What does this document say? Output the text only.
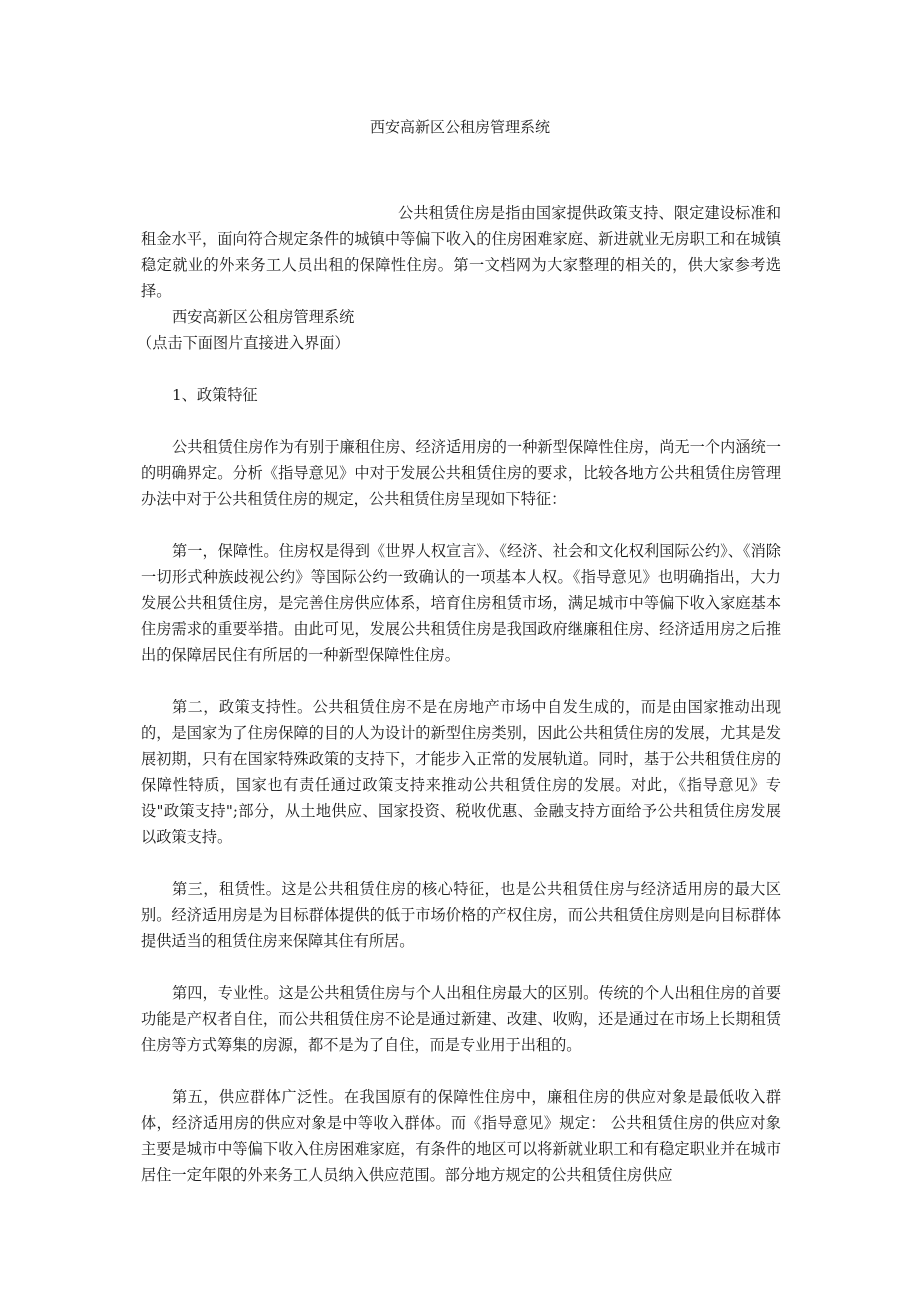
西安高新区公租房管理系统

公共租赁住房是指由国家提供政策支持、限定建设标准和租金水平，面向符合规定条件的城镇中等偏下收入的住房困难家庭、新进就业无房职工和在城镇稳定就业的外来务工人员出租的保障性住房。第一文档网为大家整理的相关的，供大家参考选择。

西安高新区公租房管理系统

（点击下面图片直接进入界面）

1、政策特征

公共租赁住房作为有别于廉租住房、经济适用房的一种新型保障性住房，尚无一个内涵统一的明确界定。分析《指导意见》中对于发展公共租赁住房的要求，比较各地方公共租赁住房管理办法中对于公共租赁住房的规定，公共租赁住房呈现如下特征：

第一，保障性。住房权是得到《世界人权宣言》、《经济、社会和文化权利国际公约》、《消除一切形式种族歧视公约》等国际公约一致确认的一项基本人权。《指导意见》也明确指出，大力发展公共租赁住房，是完善住房供应体系，培育住房租赁市场，满足城市中等偏下收入家庭基本住房需求的重要举措。由此可见，发展公共租赁住房是我国政府继廉租住房、经济适用房之后推出的保障居民住有所居的一种新型保障性住房。

第二，政策支持性。公共租赁住房不是在房地产市场中自发生成的，而是由国家推动出现的，是国家为了住房保障的目的人为设计的新型住房类别，因此公共租赁住房的发展，尤其是发展初期，只有在国家特殊政策的支持下，才能步入正常的发展轨道。同时，基于公共租赁住房的保障性特质，国家也有责任通过政策支持来推动公共租赁住房的发展。对此，《指导意见》专设"政策支持";部分，从土地供应、国家投资、税收优惠、金融支持方面给予公共租赁住房发展以政策支持。

第三，租赁性。这是公共租赁住房的核心特征，也是公共租赁住房与经济适用房的最大区别。经济适用房是为目标群体提供的低于市场价格的产权住房，而公共租赁住房则是向目标群体提供适当的租赁住房来保障其住有所居。

第四，专业性。这是公共租赁住房与个人出租住房最大的区别。传统的个人出租住房的首要功能是产权者自住，而公共租赁住房不论是通过新建、改建、收购，还是通过在市场上长期租赁住房等方式筹集的房源，都不是为了自住，而是专业用于出租的。

第五，供应群体广泛性。在我国原有的保障性住房中，廉租住房的供应对象是最低收入群体，经济适用房的供应对象是中等收入群体。而《指导意见》规定： 公共租赁住房的供应对象主要是城市中等偏下收入住房困难家庭，有条件的地区可以将新就业职工和有稳定职业并在城市居住一定年限的外来务工人员纳入供应范围。部分地方规定的公共租赁住房供应
